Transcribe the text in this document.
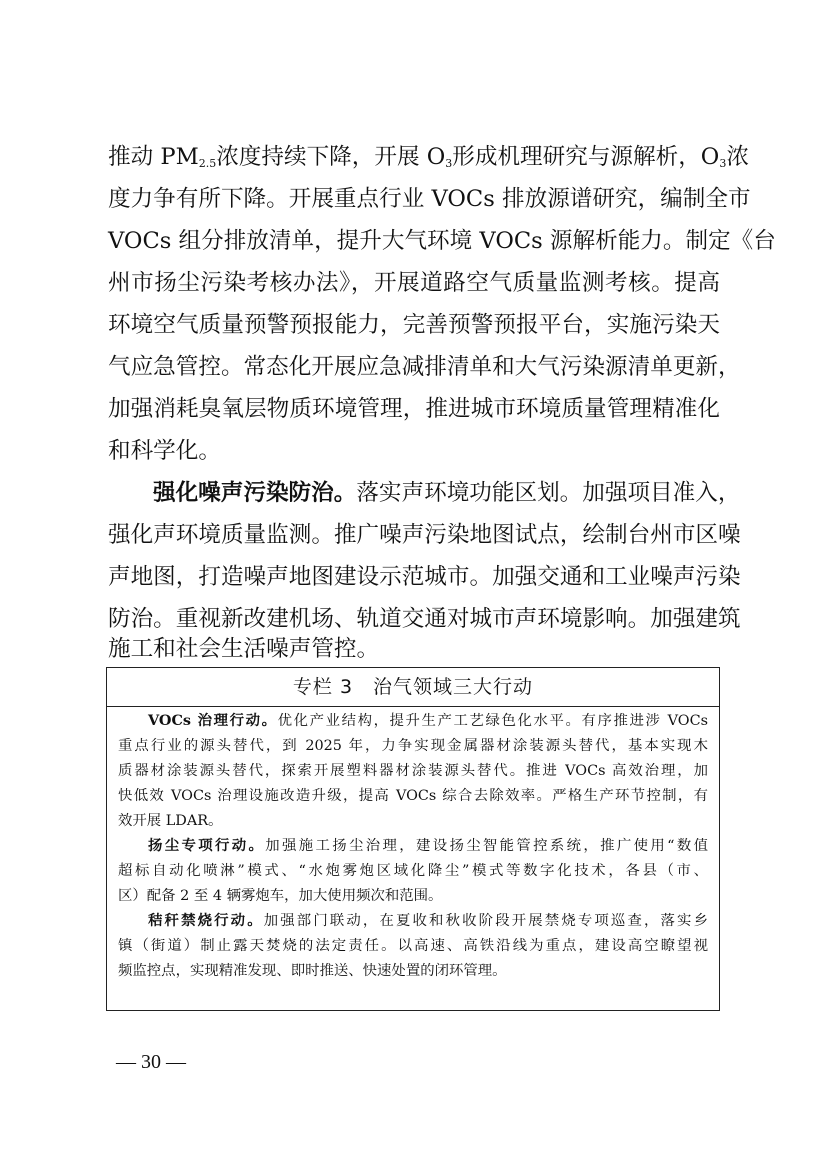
推动 $PM_{2.5}$浓度持续下降，开展 $O_3$形成机理研究与源解析，$O_3$浓
度力争有所下降。开展重点行业 VOCs 排放源谱研究，编制全市
VOCs 组分排放清单，提升大气环境 VOCs 源解析能力。制定《台
州市扬尘污染考核办法》，开展道路空气质量监测考核。提高
环境空气质量预警预报能力，完善预警预报平台，实施污染天
气应急管控。常态化开展应急减排清单和大气污染源清单更新，
加强消耗臭氧层物质环境管理，推进城市环境质量管理精准化
和科学化。
强化噪声污染防治。落实声环境功能区划。加强项目准入，
强化声环境质量监测。推广噪声污染地图试点，绘制台州市区噪
声地图，打造噪声地图建设示范城市。加强交通和工业噪声污染
防治。重视新改建机场、轨道交通对城市声环境影响。加强建筑
施工和社会生活噪声管控。
专栏 3　治气领域三大行动
VOCs 治理行动。优化产业结构，提升生产工艺绿色化水平。有序推进涉 VOCs
重点行业的源头替代，到 2025 年，力争实现金属器材涂装源头替代，基本实现木
质器材涂装源头替代，探索开展塑料器材涂装源头替代。推进 VOCs 高效治理，加
快低效 VOCs 治理设施改造升级，提高 VOCs 综合去除效率。严格生产环节控制，有
效开展 LDAR。
扬尘专项行动。加强施工扬尘治理，建设扬尘智能管控系统，推广使用“数值
超标自动化喷淋”模式、“水炮雾炮区域化降尘”模式等数字化技术，各县（市、
区）配备 2 至 4 辆雾炮车，加大使用频次和范围。
秸秆禁烧行动。加强部门联动，在夏收和秋收阶段开展禁烧专项巡查，落实乡
镇（街道）制止露天焚烧的法定责任。以高速、高铁沿线为重点，建设高空瞭望视
频监控点，实现精准发现、即时推送、快速处置的闭环管理。
— 30 —
